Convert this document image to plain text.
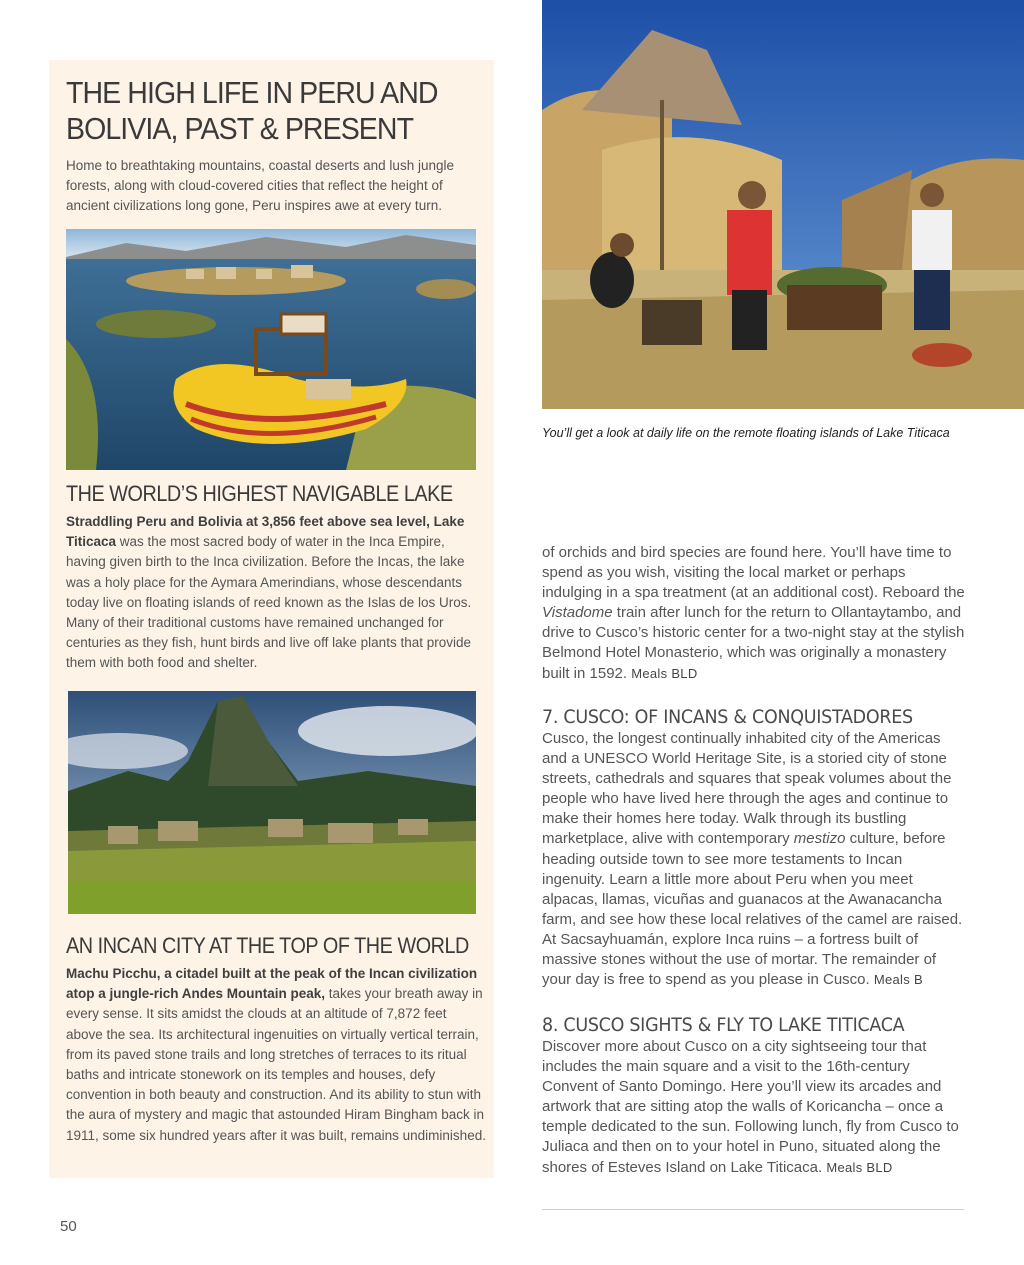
THE HIGH LIFE IN PERU AND
BOLIVIA, PAST & PRESENT

Home to breathtaking mountains, coastal deserts and lush jungle forests, along with cloud-covered cities that reflect the height of ancient civilizations long gone, Peru inspires awe at every turn.

THE WORLD’S HIGHEST NAVIGABLE LAKE

Straddling Peru and Bolivia at 3,856 feet above sea level, Lake Titicaca was the most sacred body of water in the Inca Empire, having given birth to the Inca civilization. Before the Incas, the lake was a holy place for the Aymara Amerindians, whose descendants today live on floating islands of reed known as the Islas de los Uros. Many of their traditional customs have remained unchanged for centuries as they fish, hunt birds and live off lake plants that provide them with both food and shelter.

AN INCAN CITY AT THE TOP OF THE WORLD

Machu Picchu, a citadel built at the peak of the Incan civilization atop a jungle-rich Andes Mountain peak, takes your breath away in every sense. It sits amidst the clouds at an altitude of 7,872 feet above the sea. Its architectural ingenuities on virtually vertical terrain, from its paved stone trails and long stretches of terraces to its ritual baths and intricate stonework on its temples and houses, defy convention in both beauty and construction. And its ability to stun with the aura of mystery and magic that astounded Hiram Bingham back in 1911, some six hundred years after it was built, remains undiminished.

You’ll get a look at daily life on the remote floating islands of Lake Titicaca

of orchids and bird species are found here. You’ll have time to spend as you wish, visiting the local market or perhaps indulging in a spa treatment (at an additional cost). Reboard the Vistadome train after lunch for the return to Ollantaytambo, and drive to Cusco’s historic center for a two-night stay at the stylish Belmond Hotel Monasterio, which was originally a monastery built in 1592. Meals BLD

7. CUSCO: OF INCANS & CONQUISTADORES

Cusco, the longest continually inhabited city of the Americas and a UNESCO World Heritage Site, is a storied city of stone streets, cathedrals and squares that speak volumes about the people who have lived here through the ages and continue to make their homes here today. Walk through its bustling marketplace, alive with contemporary mestizo culture, before heading outside town to see more testaments to Incan ingenuity. Learn a little more about Peru when you meet alpacas, llamas, vicuñas and guanacos at the Awanacancha farm, and see how these local relatives of the camel are raised. At Sacsayhuamán, explore Inca ruins – a fortress built of massive stones without the use of mortar. The remainder of your day is free to spend as you please in Cusco. Meals B

8. CUSCO SIGHTS & FLY TO LAKE TITICACA

Discover more about Cusco on a city sightseeing tour that includes the main square and a visit to the 16th-century Convent of Santo Domingo. Here you’ll view its arcades and artwork that are sitting atop the walls of Koricancha – once a temple dedicated to the sun. Following lunch, fly from Cusco to Juliaca and then on to your hotel in Puno, situated along the shores of Esteves Island on Lake Titicaca. Meals BLD

50
